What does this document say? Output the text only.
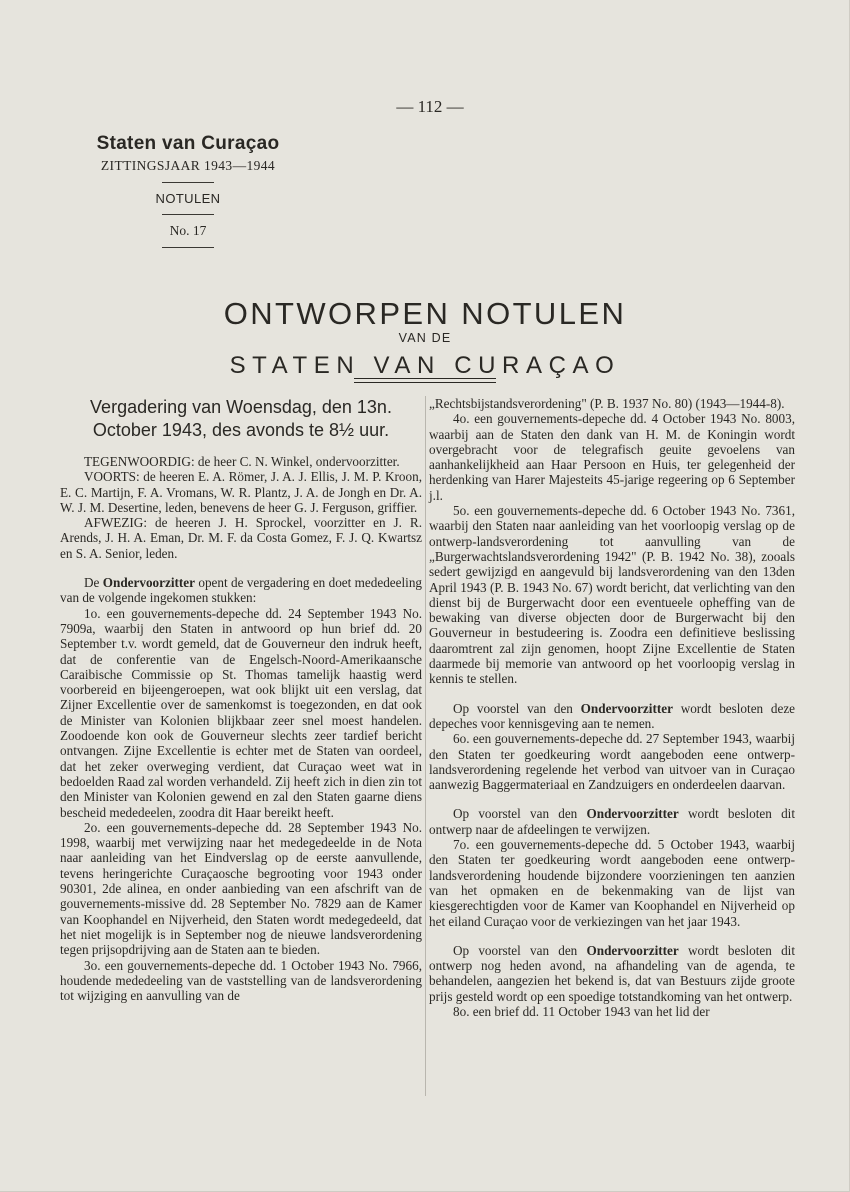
— 112 —
Staten van Curaçao
ZITTINGSJAAR 1943—1944
NOTULEN
No. 17
ONTWORPEN NOTULEN
VAN DE
STATEN VAN CURAÇAO
Vergadering van Woensdag, den 13n. October 1943, des avonds te 8½ uur.

TEGENWOORDIG: de heer C. N. Winkel, ondervoorzitter.

VOORTS: de heeren E. A. Römer, J. A. J. Ellis, J. M. P. Kroon, E. C. Martijn, F. A. Vromans, W. R. Plantz, J. A. de Jongh en Dr. A. W. J. M. Desertine, leden, benevens de heer G. J. Ferguson, griffier.

AFWEZIG: de heeren J. H. Sprockel, voorzitter en J. R. Arends, J. H. A. Eman, Dr. M. F. da Costa Gomez, F. J. Q. Kwartsz en S. A. Senior, leden.

De Ondervoorzitter opent de vergadering en doet mededeeling van de volgende ingekomen stukken:

1o. een gouvernements-depeche dd. 24 September 1943 No. 7909a, waarbij den Staten in antwoord op hun brief dd. 20 September t.v. wordt gemeld, dat de Gouverneur den indruk heeft, dat de conferentie van de Engelsch-Noord-Amerikaansche Caraibische Commissie op St. Thomas tamelijk haastig werd voorbereid en bijeengeroepen, wat ook blijkt uit een verslag, dat Zijner Excellentie over de samenkomst is toegezonden, en dat ook de Minister van Kolonien blijkbaar zeer snel moest handelen. Zoodoende kon ook de Gouverneur slechts zeer tardief bericht ontvangen. Zijne Excellentie is echter met de Staten van oordeel, dat het zeker overweging verdient, dat Curaçao weet wat in bedoelden Raad zal worden verhandeld. Zij heeft zich in dien zin tot den Minister van Kolonien gewend en zal den Staten gaarne diens bescheid mededeelen, zoodra dit Haar bereikt heeft.

2o. een gouvernements-depeche dd. 28 September 1943 No. 1998, waarbij met verwijzing naar het medegedeelde in de Nota naar aanleiding van het Eindverslag op de eerste aanvullende, tevens heringerichte Curaçaosche begrooting voor 1943 onder 90301, 2de alinea, en onder aanbieding van een afschrift van de gouvernements-missive dd. 28 September No. 7829 aan de Kamer van Koophandel en Nijverheid, den Staten wordt medegedeeld, dat het niet mogelijk is in September nog de nieuwe landsverordening tegen prijsopdrijving aan de Staten aan te bieden.

3o. een gouvernements-depeche dd. 1 October 1943 No. 7966, houdende mededeeling van de vaststelling van de landsverordening tot wijziging en aanvulling van de

„Rechtsbijstandsverordening" (P. B. 1937 No. 80) (1943—1944-8).

4o. een gouvernements-depeche dd. 4 October 1943 No. 8003, waarbij aan de Staten den dank van H. M. de Koningin wordt overgebracht voor de telegrafisch geuite gevoelens van aanhankelijkheid aan Haar Persoon en Huis, ter gelegenheid der herdenking van Harer Majesteits 45-jarige regeering op 6 September j.l.

5o. een gouvernements-depeche dd. 6 October 1943 No. 7361, waarbij den Staten naar aanleiding van het voorloopig verslag op de ontwerp-landsverordening tot aanvulling van de „Burgerwachtslandsverordening 1942" (P. B. 1942 No. 38), zooals sedert gewijzigd en aangevuld bij landsverordening van den 13den April 1943 (P. B. 1943 No. 67) wordt bericht, dat verlichting van den dienst bij de Burgerwacht door een eventueele opheffing van de bewaking van diverse objecten door de Burgerwacht bij den Gouverneur in bestudeering is. Zoodra een definitieve beslissing daaromtrent zal zijn genomen, hoopt Zijne Excellentie de Staten daarmede bij memorie van antwoord op het voorloopig verslag in kennis te stellen.

Op voorstel van den Ondervoorzitter wordt besloten deze depeches voor kennisgeving aan te nemen.

6o. een gouvernements-depeche dd. 27 September 1943, waarbij den Staten ter goedkeuring wordt aangeboden eene ontwerp-landsverordening regelende het verbod van uitvoer van in Curaçao aanwezig Baggermateriaal en Zandzuigers en onderdeelen daarvan.

Op voorstel van den Ondervoorzitter wordt besloten dit ontwerp naar de afdeelingen te verwijzen.

7o. een gouvernements-depeche dd. 5 October 1943, waarbij den Staten ter goedkeuring wordt aangeboden eene ontwerp-landsverordening houdende bijzondere voorzieningen ten aanzien van het opmaken en de bekenmaking van de lijst van kiesgerechtigden voor de Kamer van Koophandel en Nijverheid op het eiland Curaçao voor de verkiezingen van het jaar 1943.

Op voorstel van den Ondervoorzitter wordt besloten dit ontwerp nog heden avond, na afhandeling van de agenda, te behandelen, aangezien het bekend is, dat van Bestuurs zijde groote prijs gesteld wordt op een spoedige totstandkoming van het ontwerp.

8o. een brief dd. 11 October 1943 van het lid der
